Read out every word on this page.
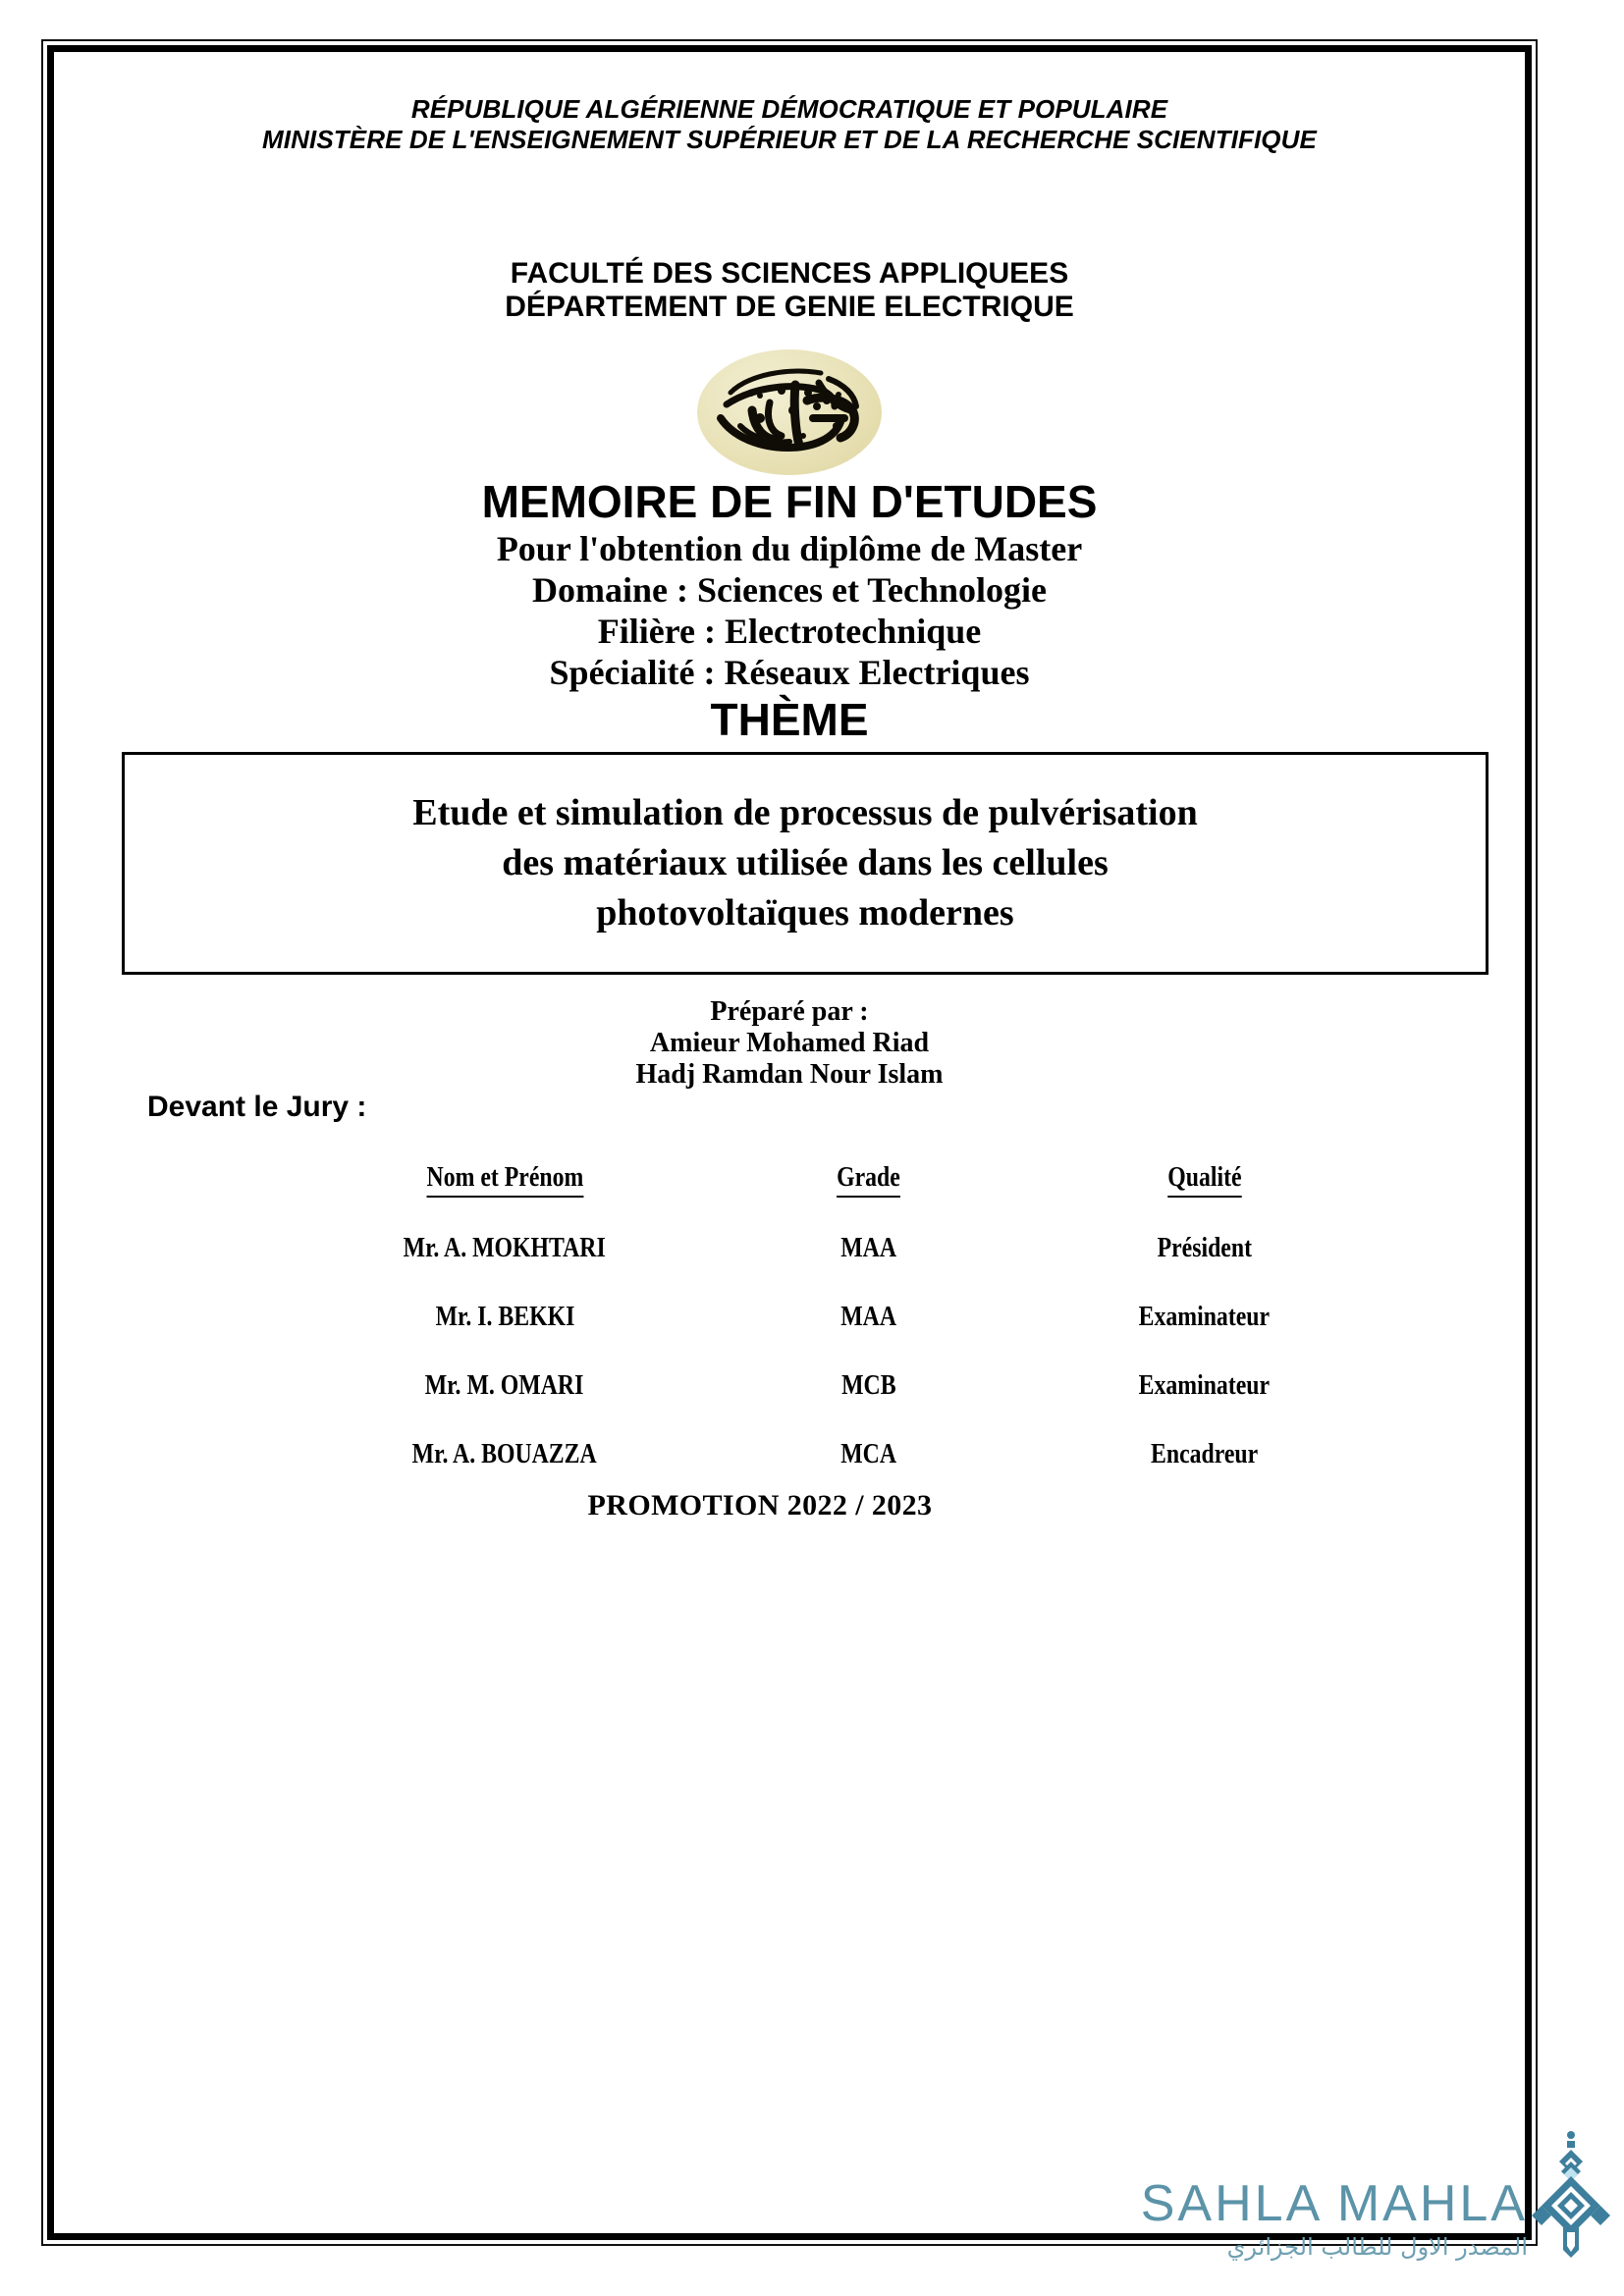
RÉPUBLIQUE ALGÉRIENNE DÉMOCRATIQUE ET POPULAIRE
MINISTÈRE DE L'ENSEIGNEMENT SUPÉRIEUR ET DE LA RECHERCHE SCIENTIFIQUE
FACULTÉ DES SCIENCES APPLIQUEES
DÉPARTEMENT DE GENIE ELECTRIQUE
MEMOIRE DE FIN D'ETUDES
Pour l'obtention du diplôme de Master
Domaine : Sciences et Technologie
Filière : Electrotechnique
Spécialité : Réseaux Electriques
THÈME
Etude et simulation de processus de pulvérisation
des matériaux utilisée dans les cellules
photovoltaïques modernes
Préparé par :
Amieur Mohamed Riad
Hadj Ramdan Nour Islam
Devant le Jury :
Nom et Prénom	Grade	Qualité
Mr. A. MOKHTARI	MAA	Président
Mr. I. BEKKI	MAA	Examinateur
Mr. M. OMARI	MCB	Examinateur
Mr. A. BOUAZZA	MCA	Encadreur
PROMOTION 2022 / 2023
SAHLA MAHLA
المصدر الاول للطالب الجزائري
